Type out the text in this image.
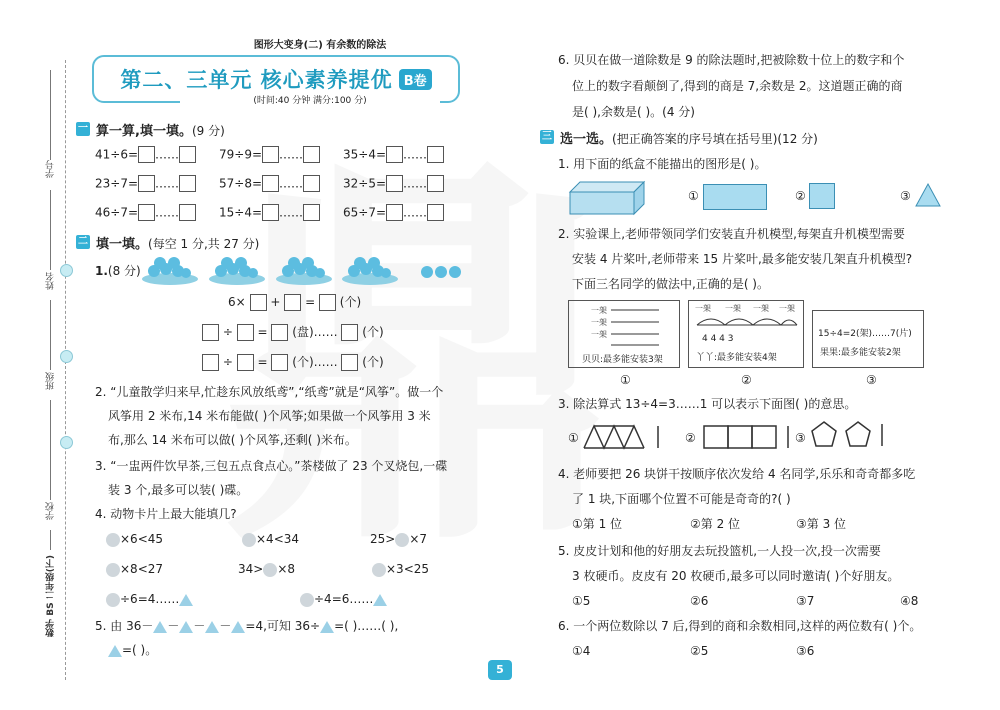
学号
姓名
班级
学校
数学 BS 二年级(下)
图形大变身(二) 有余数的除法
第二、三单元 核心素养提优 B卷
(时间:40 分钟 满分:100 分)
一 算一算,填一填。(9 分)
41÷6= ……	79÷9= ……	35÷4= ……
23÷7= ……	57÷8= ……	32÷5= ……
46÷7= ……	15÷4= ……	65÷7= ……
二 填一填。(每空 1 分,共 27 分)
1.(8 分)
6× + = (个)
÷ = (盘)…… (个)
÷ = (个)…… (个)
2. “儿童散学归来早,忙趁东风放纸鸢”,“纸鸢”就是“风筝”。做一个
风筝用 2 米布,14 米布能做( )个风筝;如果做一个风筝用 3 米
布,那么 14 米布可以做( )个风筝,还剩( )米布。
3. “一盅两件饮早茶,三包五点食点心。”茶楼做了 23 个叉烧包,一碟
装 3 个,最多可以装( )碟。
4. 动物卡片上最大能填几?
×6<45	×4<34	25> ×7
×8<27	34> ×8	×3<25
÷6=4……	÷4=6……
5. 由 36－ － － － =4,可知 36÷ =( )……( ),
=( )。
6. 贝贝在做一道除数是 9 的除法题时,把被除数十位上的数字和个
位上的数字看颠倒了,得到的商是 7,余数是 2。这道题正确的商
是( ),余数是( )。(4 分)
三 选一选。(把正确答案的序号填在括号里)(12 分)
1. 用下面的纸盒不能描出的图形是( )。
①	②	③
2. 实验课上,老师带领同学们安装直升机模型,每架直升机模型需要
安装 4 片桨叶,老师带来 15 片桨叶,最多能安装几架直升机模型?
下面三名同学的做法中,正确的是( )。
一架
一架
一架
贝贝:最多能安装3架
①
一架 一架 一架 一架
4 4 4 3
丫丫:最多能安装4架
②
15÷4=2(架)……7(片)
果果:最多能安装2架
③
3. 除法算式 13÷4=3……1 可以表示下面图( )的意思。
①	②	③
4. 老师要把 26 块饼干按顺序依次发给 4 名同学,乐乐和奇奇都多吃
了 1 块,下面哪个位置不可能是奇奇的?( )
①第 1 位	②第 2 位	③第 3 位
5. 皮皮计划和他的好朋友去玩投篮机,一人投一次,投一次需要
3 枚硬币。皮皮有 20 枚硬币,最多可以同时邀请( )个好朋友。
①5	②6	③7	④8
6. 一个两位数除以 7 后,得到的商和余数相同,这样的两位数有( )个。
①4	②5	③6
5
